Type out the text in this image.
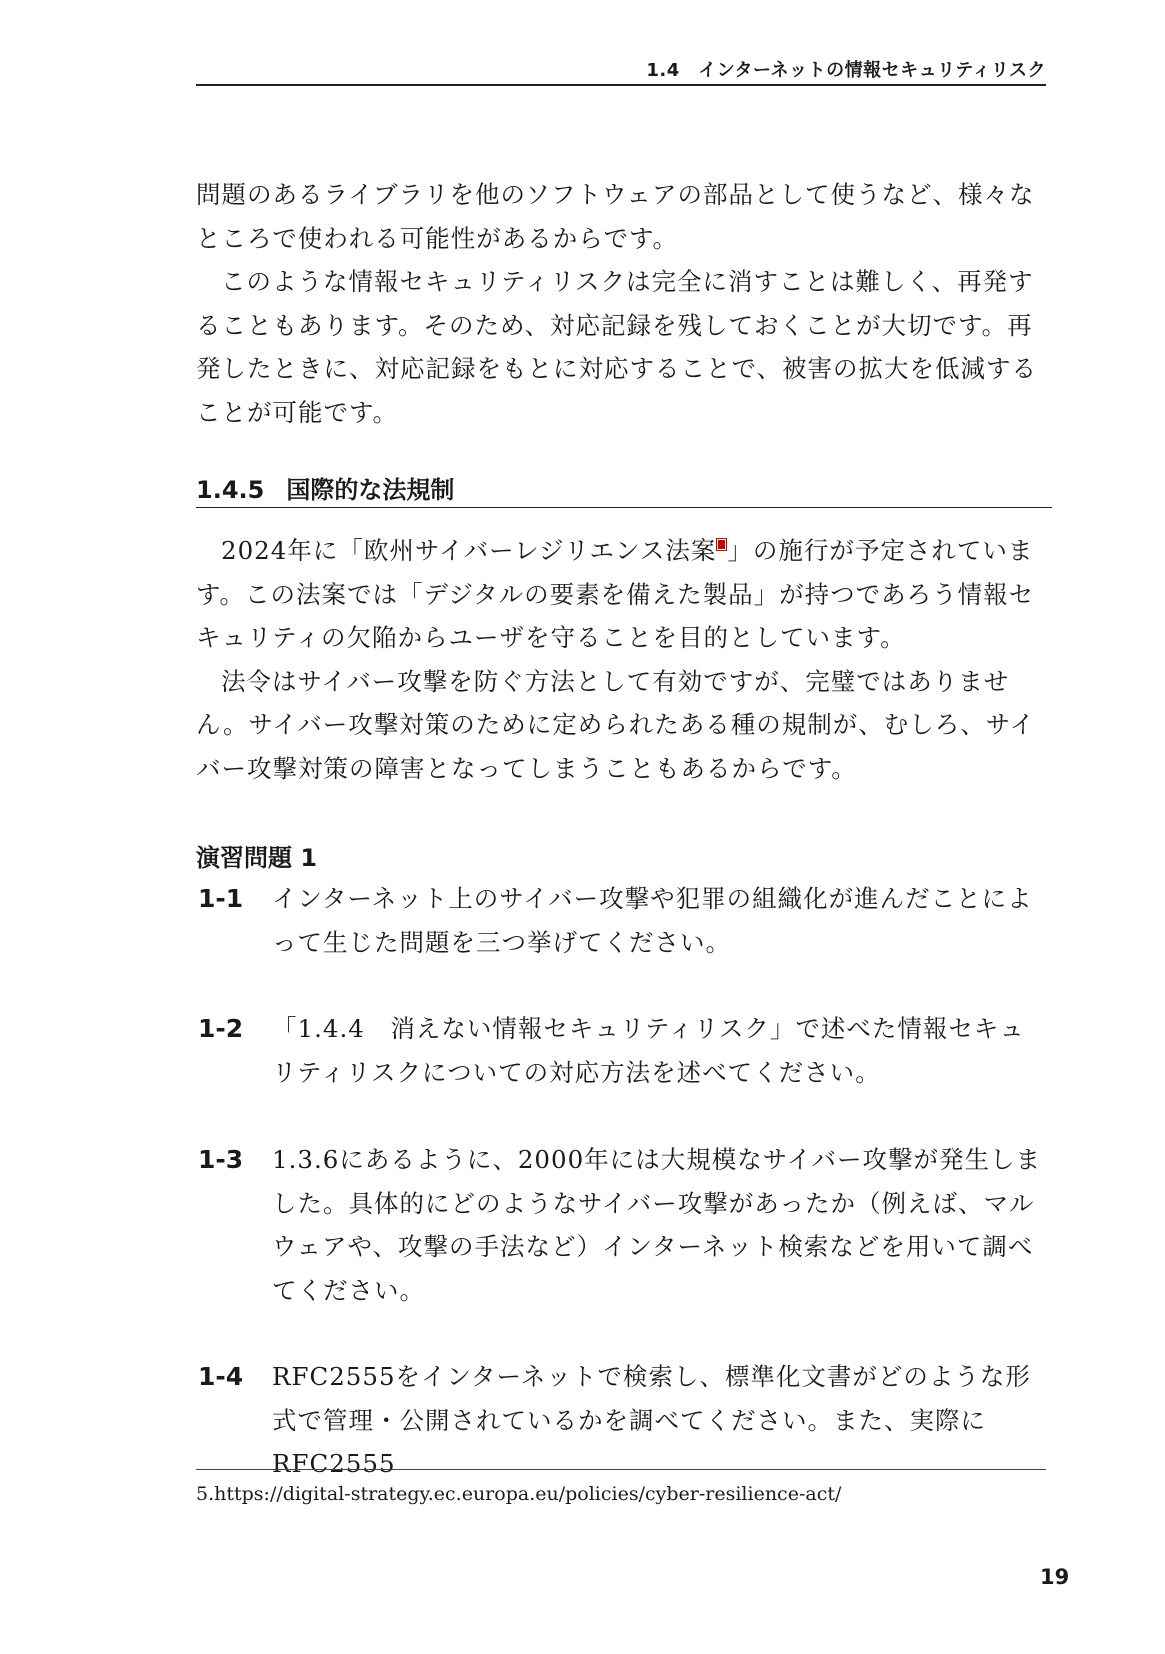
1.4　インターネットの情報セキュリティリスク

問題のあるライブラリを他のソフトウェアの部品として使うなど、様々なところで使われる可能性があるからです。

このような情報セキュリティリスクは完全に消すことは難しく、再発することもあります。そのため、対応記録を残しておくことが大切です。再発したときに、対応記録をもとに対応することで、被害の拡大を低減することが可能です。

1.4.5 国際的な法規制

2024年に「欧州サイバーレジリエンス法案 」の施行が予定されています。この法案では「デジタルの要素を備えた製品」が持つであろう情報セキュリティの欠陥からユーザを守ることを目的としています。

法令はサイバー攻撃を防ぐ方法として有効ですが、完璧ではありません。サイバー攻撃対策のために定められたある種の規制が、むしろ、サイバー攻撃対策の障害となってしまうこともあるからです。

演習問題 1
1-1 インターネット上のサイバー攻撃や犯罪の組織化が進んだことによって生じた問題を三つ挙げてください。
1-2 「1.4.4　消えない情報セキュリティリスク」で述べた情報セキュリティリスクについての対応方法を述べてください。
1-3 1.3.6にあるように、2000年には大規模なサイバー攻撃が発生しました。具体的にどのようなサイバー攻撃があったか（例えば、マルウェアや、攻撃の手法など）インターネット検索などを用いて調べてください。
1-4 RFC2555をインターネットで検索し、標準化文書がどのような形式で管理・公開されているかを調べてください。また、実際にRFC2555
5.https://digital-strategy.ec.europa.eu/policies/cyber-resilience-act/
19
